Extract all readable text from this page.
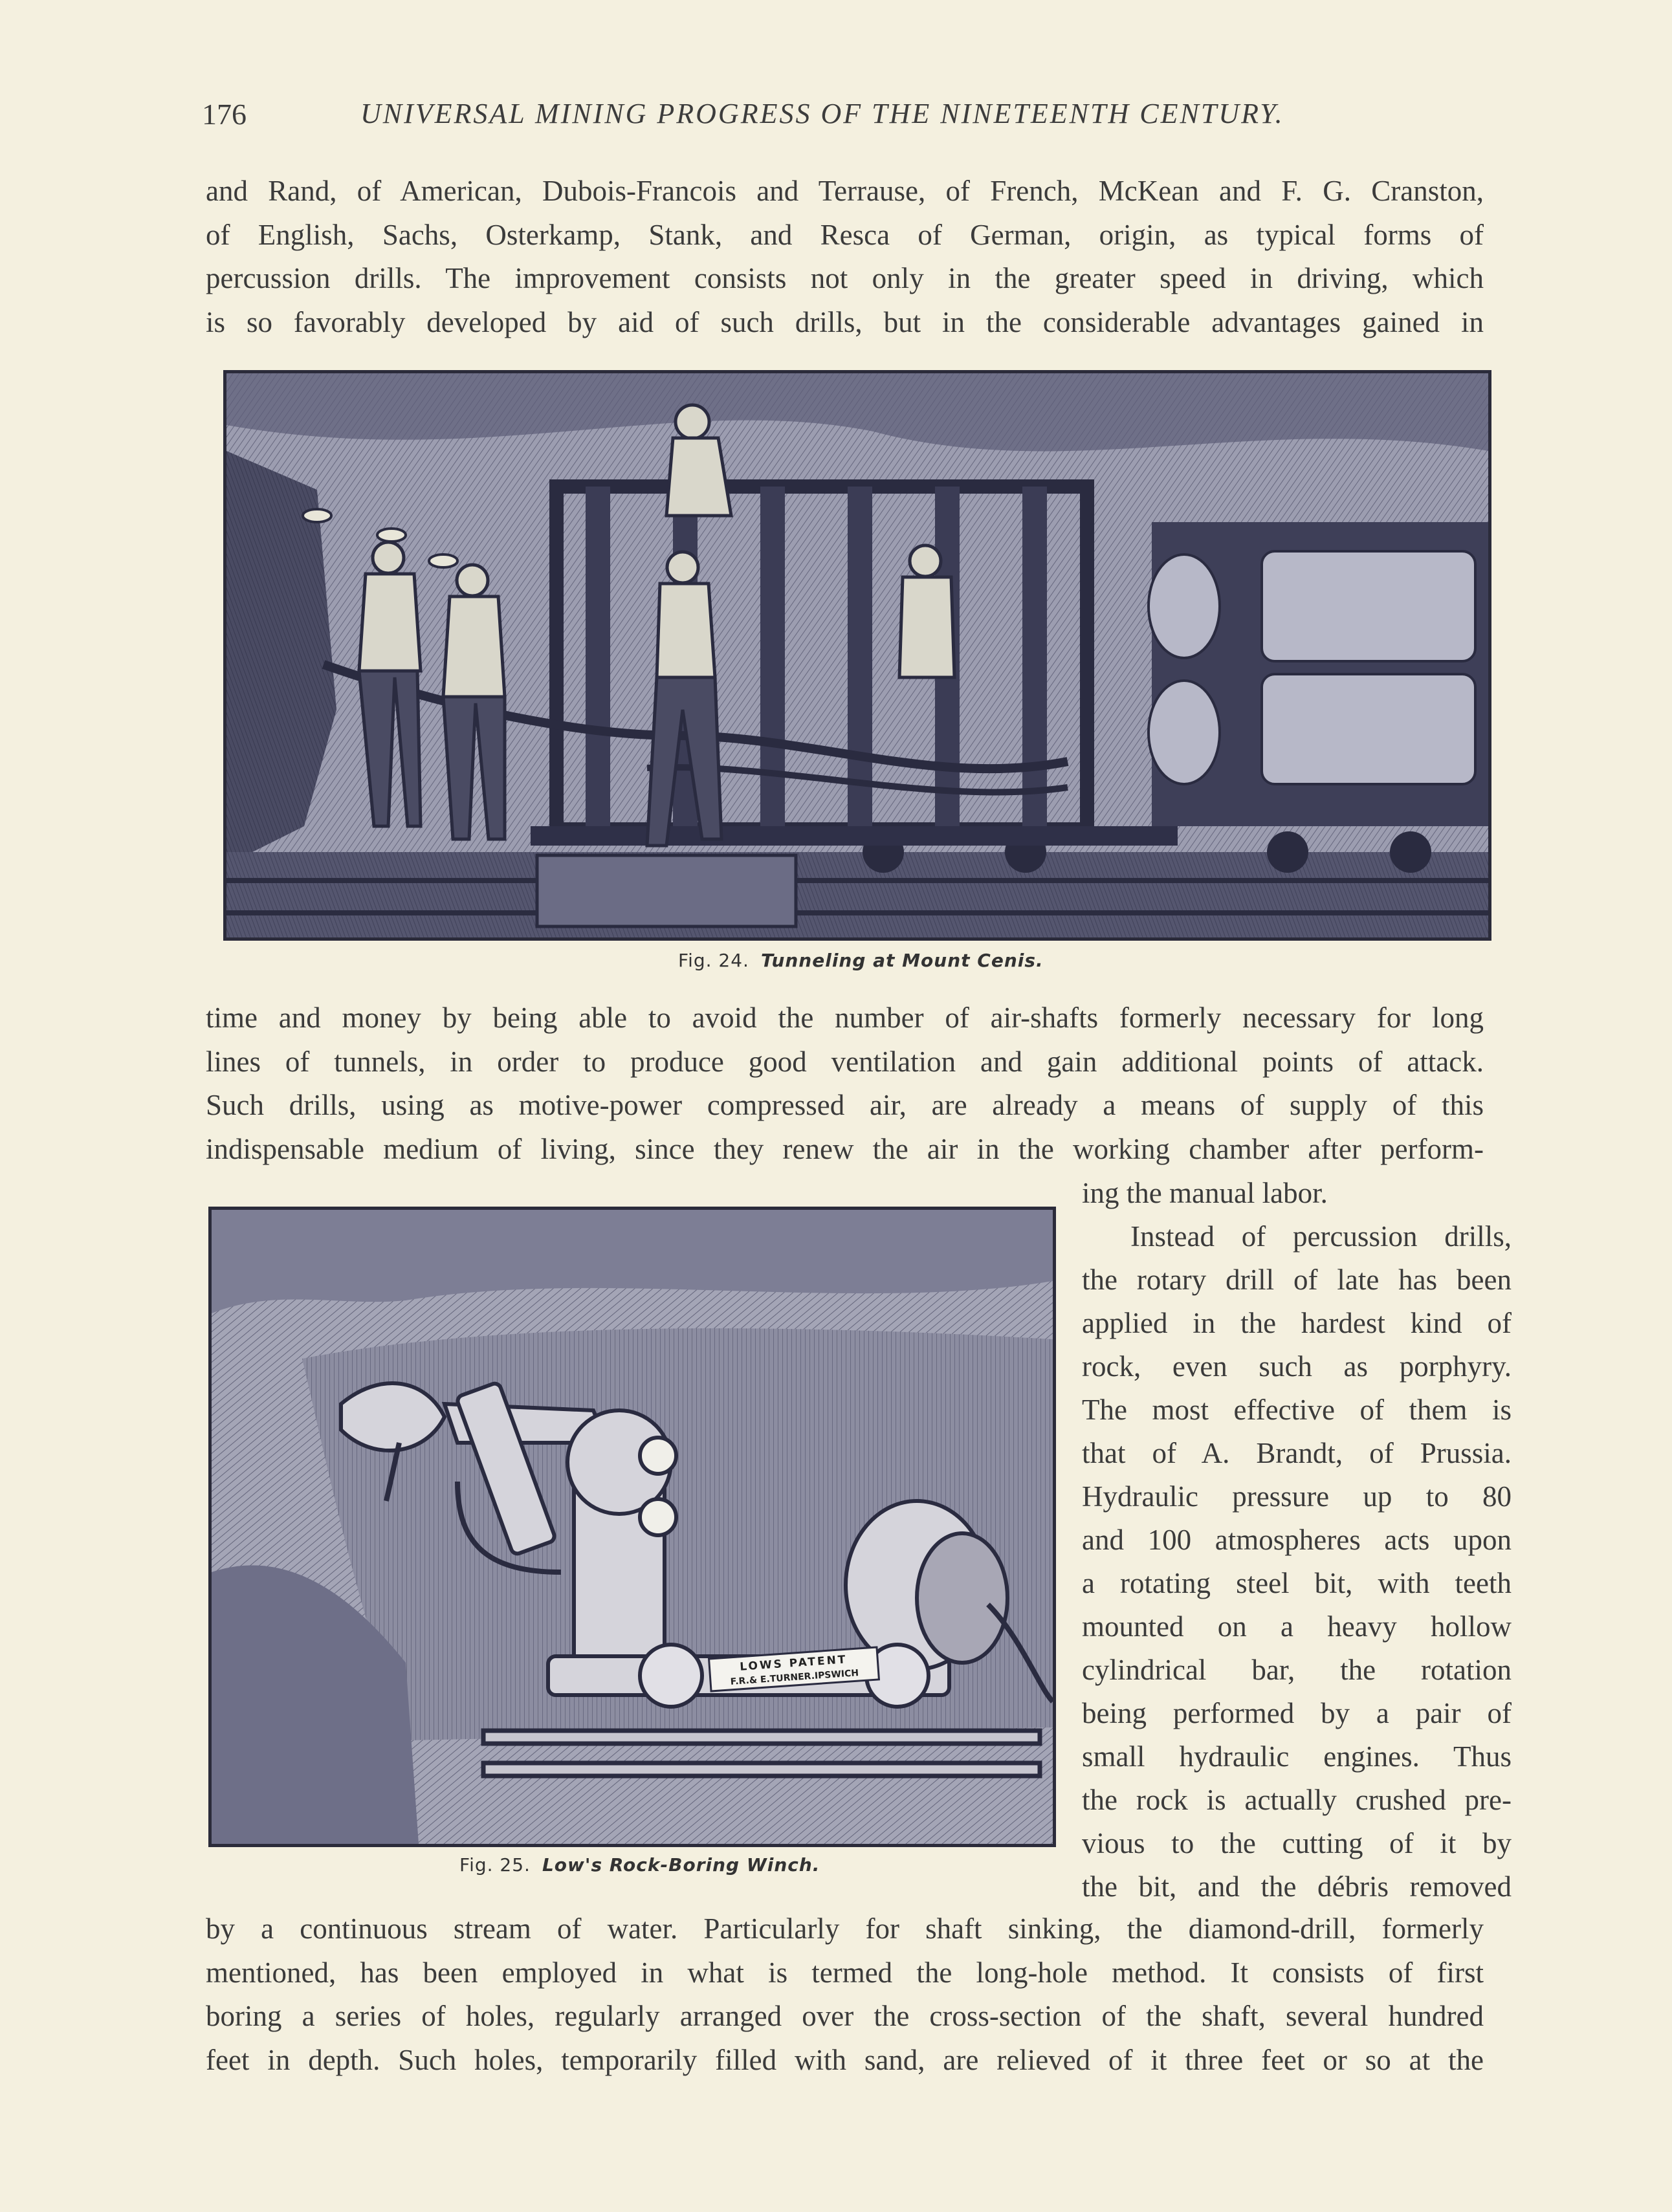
176	UNIVERSAL MINING PROGRESS OF THE NINETEENTH CENTURY.
and Rand, of American, Dubois-Francois and Terrause, of French, McKean and F. G. Cranston,
of English, Sachs, Osterkamp, Stank, and Resca of German, origin, as typical forms of
percussion drills. The improvement consists not only in the greater speed in driving, which
is so favorably developed by aid of such drills, but in the considerable advantages gained in
Fig. 24. Tunneling at Mount Cenis.
time and money by being able to avoid the number of air-shafts formerly necessary for long
lines of tunnels, in order to produce good ventilation and gain additional points of attack.
Such drills, using as motive-power compressed air, are already a means of supply of this
indispensable medium of living, since they renew the air in the working chamber after perform-
LOWS PATENT
F.R.& E.TURNER.IPSWICH
Fig. 25. Low's Rock-Boring Winch.
ing the manual labor.
Instead of percussion drills,
the rotary drill of late has been
applied in the hardest kind of
rock, even such as porphyry.
The most effective of them is
that of A. Brandt, of Prussia.
Hydraulic pressure up to 80
and 100 atmospheres acts upon
a rotating steel bit, with teeth
mounted on a heavy hollow
cylindrical bar, the rotation
being performed by a pair of
small hydraulic engines. Thus
the rock is actually crushed pre-
vious to the cutting of it by
the bit, and the débris removed
by a continuous stream of water. Particularly for shaft sinking, the diamond-drill, formerly
mentioned, has been employed in what is termed the long-hole method. It consists of first
boring a series of holes, regularly arranged over the cross-section of the shaft, several hundred
feet in depth. Such holes, temporarily filled with sand, are relieved of it three feet or so at the
